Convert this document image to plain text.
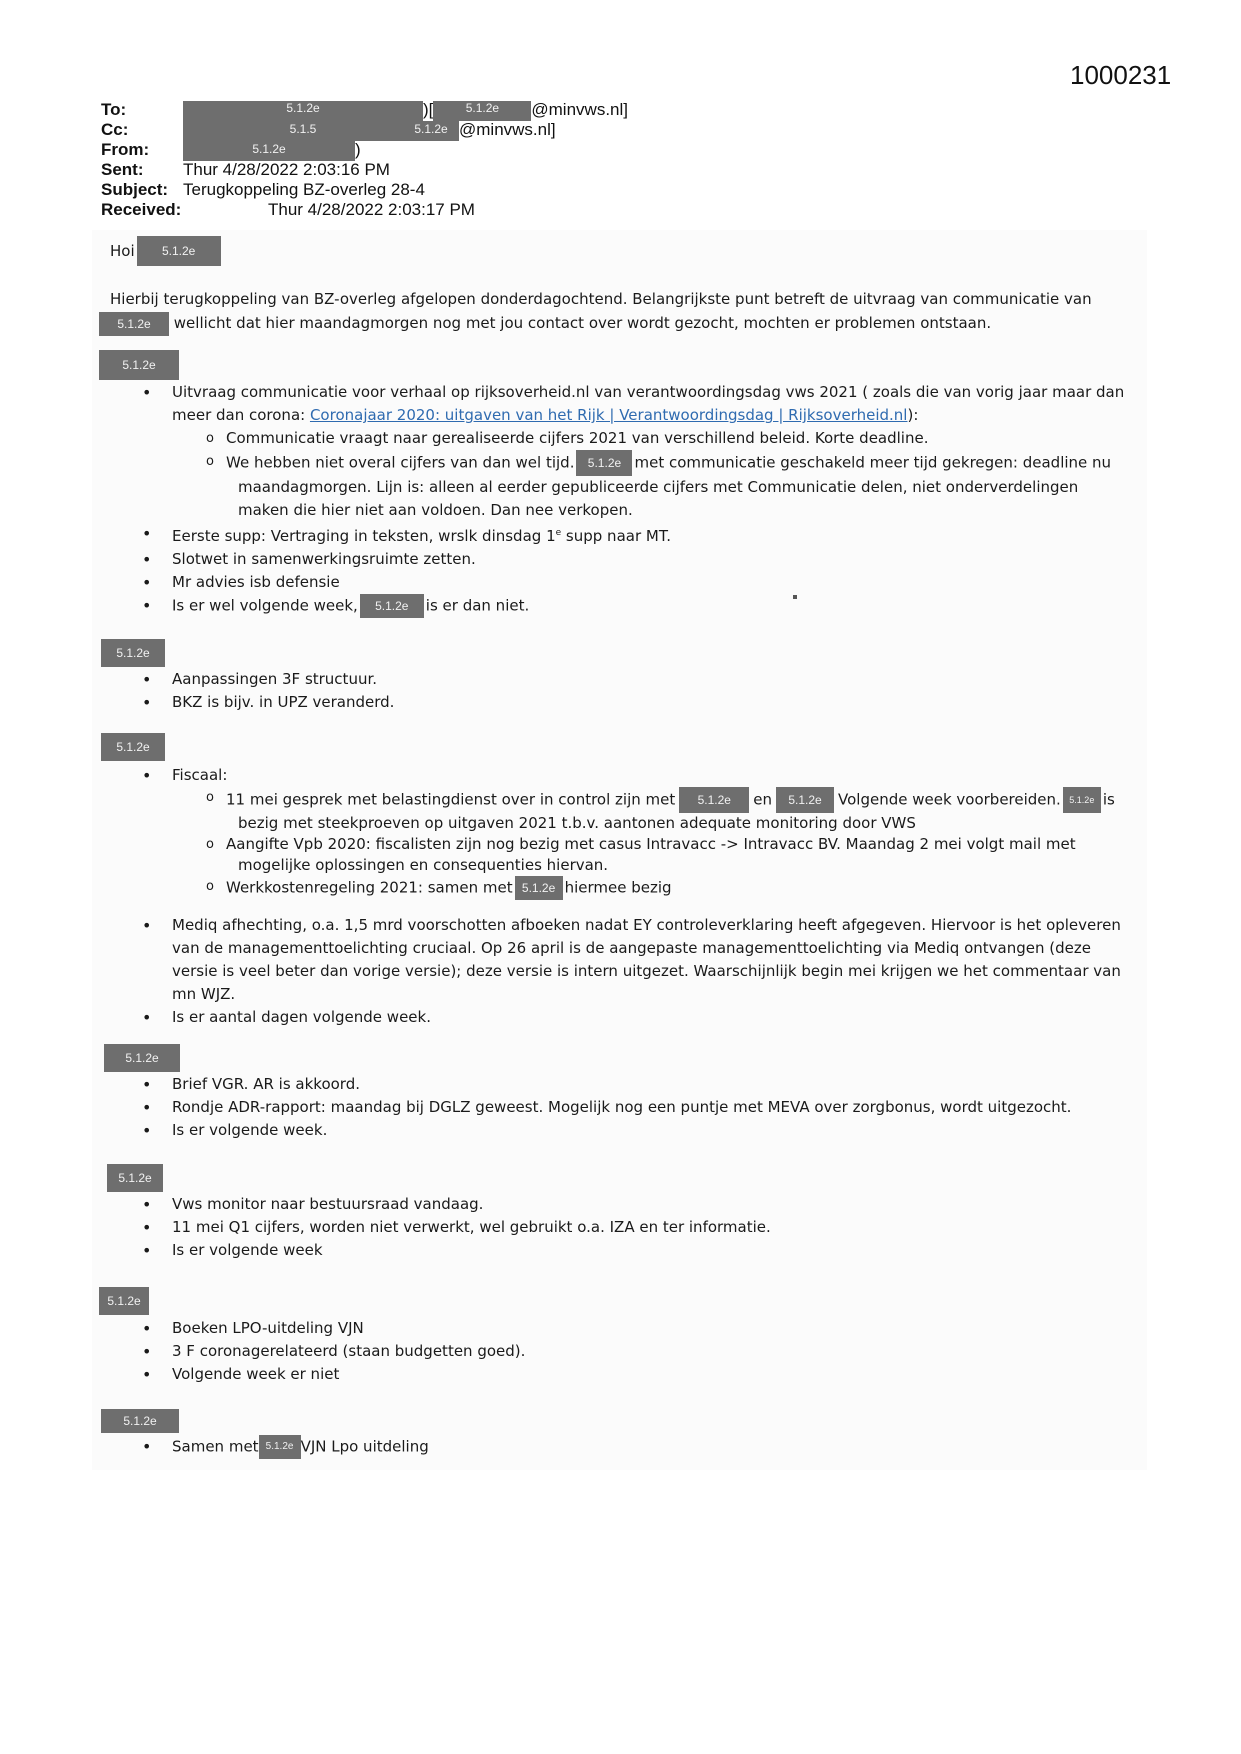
1000231
To:	5.1.2e	)[	5.1.2e @minvws.nl]
Cc:	5.1.5	5.1.2e @minvws.nl]
From:	5.1.2e	)
Sent: Thur 4/28/2022 2:03:16 PM
Subject: Terugkoppeling BZ-overleg 28-4
Received:	Thur 4/28/2022 2:03:17 PM
Hoi	5.1.2e
Hierbij terugkoppeling van BZ-overleg afgelopen donderdagochtend. Belangrijkste punt betreft de uitvraag van communicatie van
5.1.2e wellicht dat hier maandagmorgen nog met jou contact over wordt gezocht, mochten er problemen ontstaan.
5.1.2e
• Uitvraag communicatie voor verhaal op rijksoverheid.nl van verantwoordingsdag vws 2021 ( zoals die van vorig jaar maar dan meer dan corona: Coronajaar 2020: uitgaven van het Rijk | Verantwoordingsdag | Rijksoverheid.nl):
o Communicatie vraagt naar gerealiseerde cijfers 2021 van verschillend beleid. Korte deadline.
o We hebben niet overal cijfers van dan wel tijd. 5.1.2e met communicatie geschakeld meer tijd gekregen: deadline nu maandagmorgen. Lijn is: alleen al eerder gepubliceerde cijfers met Communicatie delen, niet onderverdelingen maken die hier niet aan voldoen. Dan nee verkopen.
• Eerste supp: Vertraging in teksten, wrslk dinsdag 1e supp naar MT.
• Slotwet in samenwerkingsruimte zetten.
• Mr advies isb defensie
• Is er wel volgende week, 5.1.2e is er dan niet.
5.1.2e
• Aanpassingen 3F structuur.
• BKZ is bijv. in UPZ veranderd.
5.1.2e
• Fiscaal:
o 11 mei gesprek met belastingdienst over in control zijn met 5.1.2e en 5.1.2e Volgende week voorbereiden. 5.1.2e is bezig met steekproeven op uitgaven 2021 t.b.v. aantonen adequate monitoring door VWS
o Aangifte Vpb 2020: fiscalisten zijn nog bezig met casus Intravacc -> Intravacc BV. Maandag 2 mei volgt mail met mogelijke oplossingen en consequenties hiervan.
o Werkkostenregeling 2021: samen met 5.1.2e hiermee bezig
• Mediq afhechting, o.a. 1,5 mrd voorschotten afboeken nadat EY controleverklaring heeft afgegeven. Hiervoor is het opleveren van de managementtoelichting cruciaal. Op 26 april is de aangepaste managementtoelichting via Mediq ontvangen (deze versie is veel beter dan vorige versie); deze versie is intern uitgezet. Waarschijnlijk begin mei krijgen we het commentaar van mn WJZ.
• Is er aantal dagen volgende week.
5.1.2e
• Brief VGR. AR is akkoord.
• Rondje ADR-rapport: maandag bij DGLZ geweest. Mogelijk nog een puntje met MEVA over zorgbonus, wordt uitgezocht.
• Is er volgende week.
5.1.2e
• Vws monitor naar bestuursraad vandaag.
• 11 mei Q1 cijfers, worden niet verwerkt, wel gebruikt o.a. IZA en ter informatie.
• Is er volgende week
5.1.2e
• Boeken LPO-uitdeling VJN
• 3 F coronagerelateerd (staan budgetten goed).
• Volgende week er niet
5.1.2e
• Samen met 5.1.2e VJN Lpo uitdeling
